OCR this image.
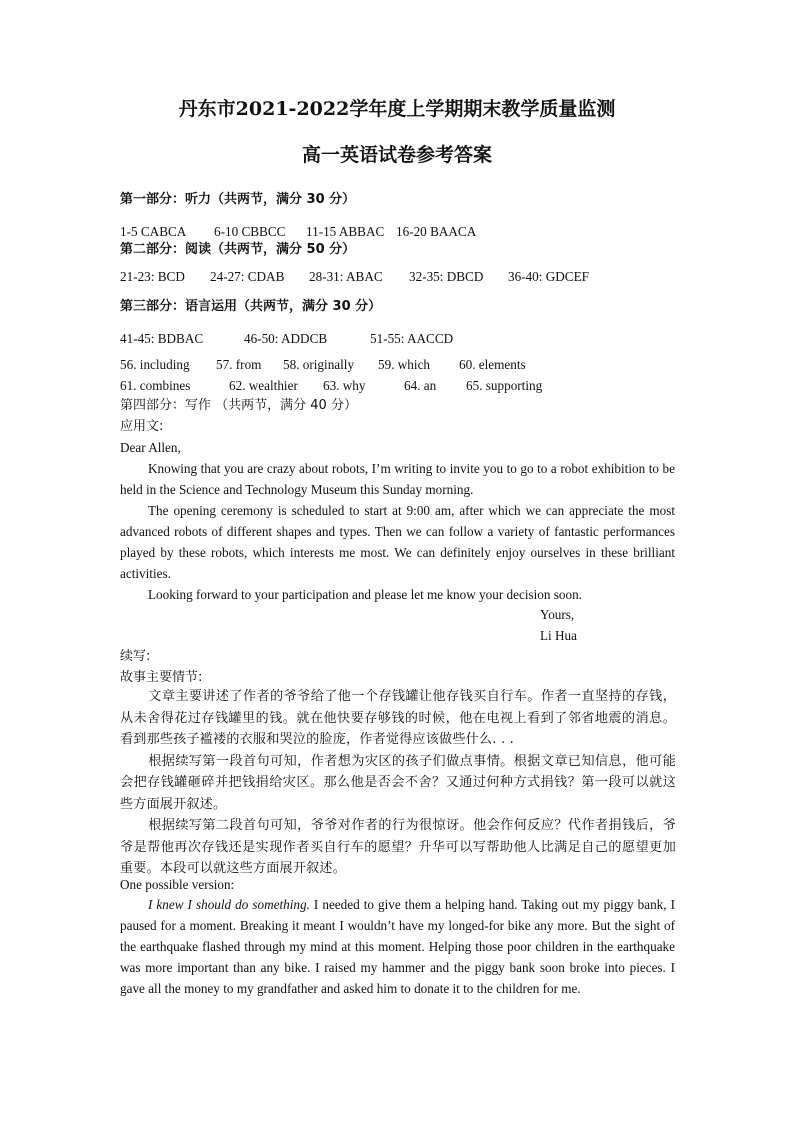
丹东市2021-2022学年度上学期期末教学质量监测
高一英语试卷参考答案
第一部分：听力（共两节，满分 30 分）
1-5 CABCA 6-10 CBBCC 11-15 ABBAC 16-20 BAACA
第二部分：阅读（共两节，满分 50 分）
21-23: BCD 24-27: CDAB 28-31: ABAC 32-35: DBCD 36-40: GDCEF
第三部分：语言运用（共两节，满分 30 分）
41-45: BDBAC	46-50: ADDCB	51-55: AACCD
56. including 57. from 58. originally 59. which 60. elements
61. combines	62. wealthier 63. why	64. an 65. supporting
第四部分：写作 （共两节，满分 40 分）
应用文:
Dear Allen,
Knowing that you are crazy about robots, I’m writing to invite you to go to a robot exhibition to be held in the Science and Technology Museum this Sunday morning.
The opening ceremony is scheduled to start at 9:00 am, after which we can appreciate the most advanced robots of different shapes and types. Then we can follow a variety of fantastic performances played by these robots, which interests me most. We can definitely enjoy ourselves in these brilliant activities.
Looking forward to your participation and please let me know your decision soon.
Yours,
Li Hua
续写:
故事主要情节:
文章主要讲述了作者的爷爷给了他一个存钱罐让他存钱买自行车。作者一直坚持的存钱，从未舍得花过存钱罐里的钱。就在他快要存够钱的时候，他在电视上看到了邻省地震的消息。看到那些孩子褴褛的衣服和哭泣的脸庞，作者觉得应该做些什么. . .
根据续写第一段首句可知，作者想为灾区的孩子们做点事情。根据文章已知信息，他可能会把存钱罐砸碎并把钱捐给灾区。那么他是否会不舍？又通过何种方式捐钱？第一段可以就这些方面展开叙述。
根据续写第二段首句可知，爷爷对作者的行为很惊讶。他会作何反应？代作者捐钱后，爷爷是帮他再次存钱还是实现作者买自行车的愿望？升华可以写帮助他人比满足自己的愿望更加重要。本段可以就这些方面展开叙述。
One possible version:
I knew I should do something. I needed to give them a helping hand. Taking out my piggy bank, I paused for a moment. Breaking it meant I wouldn’t have my longed-for bike any more. But the sight of the earthquake flashed through my mind at this moment. Helping those poor children in the earthquake was more important than any bike. I raised my hammer and the piggy bank soon broke into pieces. I gave all the money to my grandfather and asked him to donate it to the children for me.
